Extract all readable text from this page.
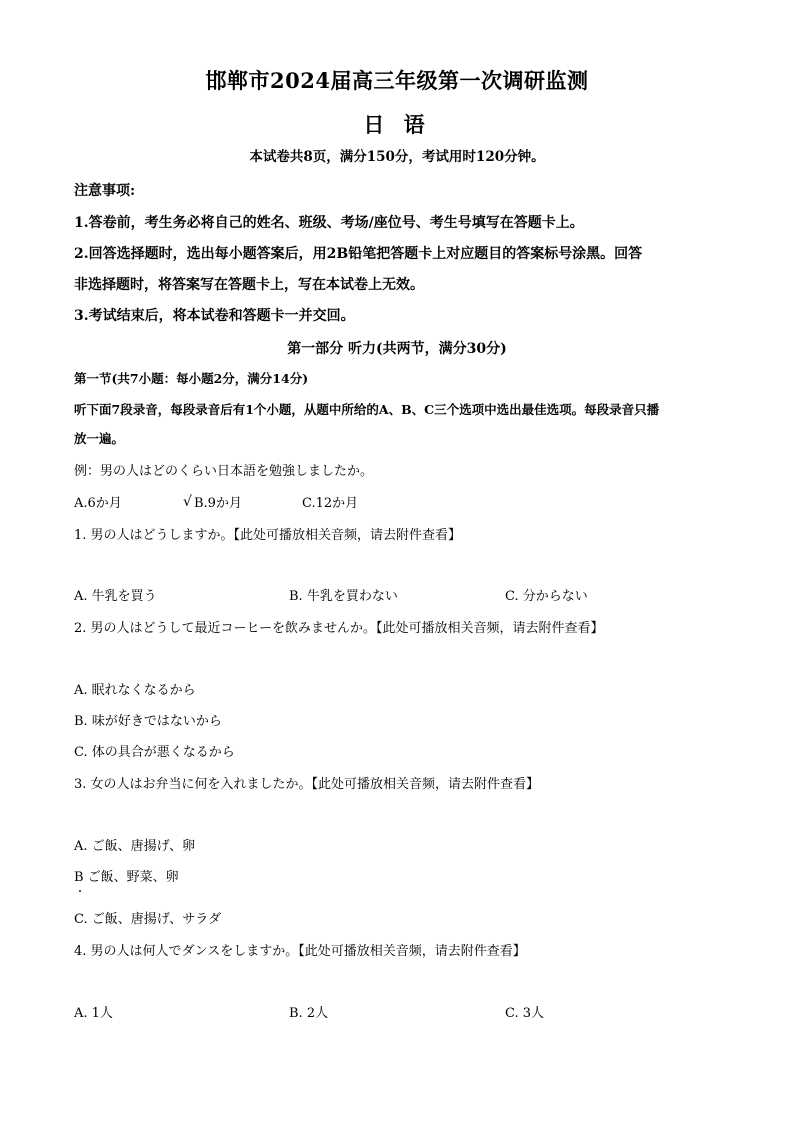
邯郸市2024届高三年级第一次调研监测
日 语
本试卷共8页，满分150分，考试用时120分钟。
注意事项:
1.答卷前，考生务必将自己的姓名、班级、考场/座位号、考生号填写在答题卡上。
2.回答选择题时，选出每小题答案后，用2B铅笔把答题卡上对应题目的答案标号涂黑。回答
非选择题时，将答案写在答题卡上，写在本试卷上无效。
3.考试结束后，将本试卷和答题卡一并交回。
第一部分 听力(共两节，满分30分)
第一节(共7小题：每小题2分，满分14分)
听下面7段录音，每段录音后有1个小题，从题中所给的A、B、C三个选项中选出最佳选项。每段录音只播
放一遍。
例：男の人はどのくらい日本語を勉強しましたか。
A.6か月	√ B.9か月	C.12か月
1. 男の人はどうしますか。【此处可播放相关音频，请去附件查看】
A. 牛乳を買う	B. 牛乳を買わない	C. 分からない
2. 男の人はどうして最近コーヒーを飲みませんか。【此处可播放相关音频，请去附件查看】
A. 眠れなくなるから
B. 味が好きではないから
C. 体の具合が悪くなるから
3. 女の人はお弁当に何を入れましたか。【此处可播放相关音频，请去附件查看】
A. ご飯、唐揚げ、卵
B ご飯、野菜、卵
C. ご飯、唐揚げ、サラダ
4. 男の人は何人でダンスをしますか。【此处可播放相关音频，请去附件查看】
A. 1人	B. 2人	C. 3人
